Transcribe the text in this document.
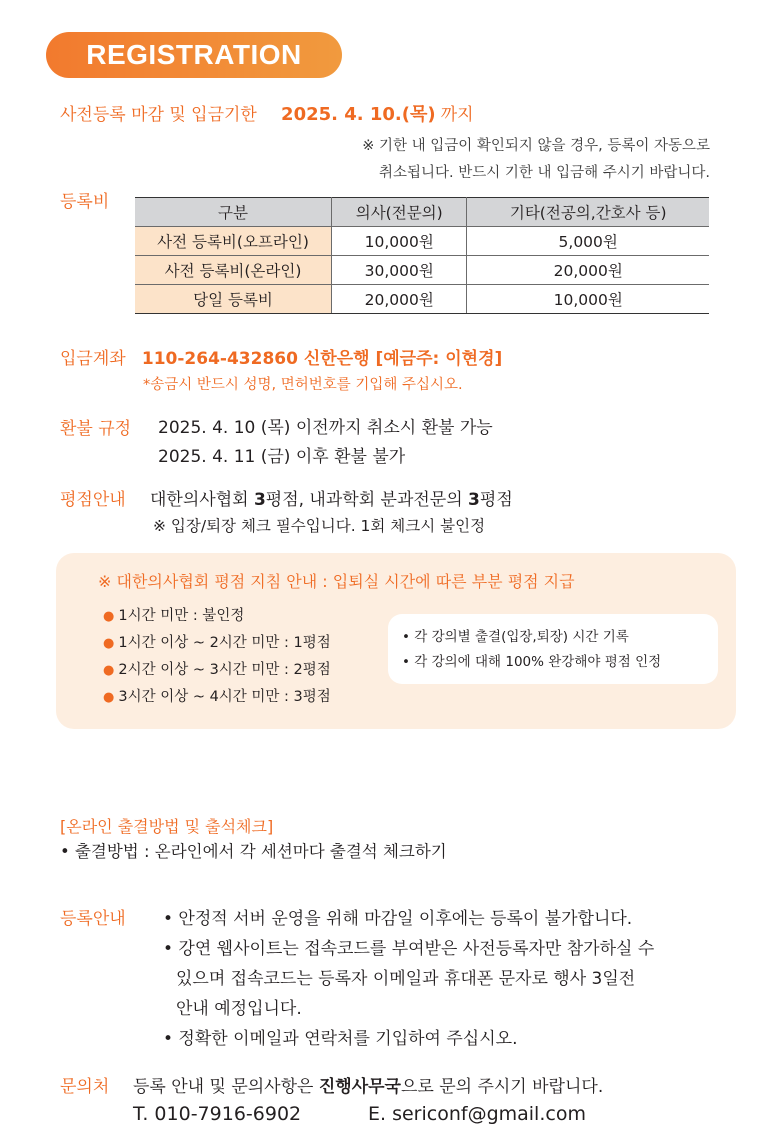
REGISTRATION
사전등록 마감 및 입금기한 2025. 4. 10.(목) 까지
※ 기한 내 입금이 확인되지 않을 경우, 등록이 자동으로
취소됩니다. 반드시 기한 내 입금해 주시기 바랍니다.
등록비
구분	의사(전문의)	기타(전공의,간호사 등)
사전 등록비(오프라인)	10,000원	5,000원
사전 등록비(온라인)	30,000원	20,000원
당일 등록비	20,000원	10,000원
입금계좌 110-264-432860 신한은행 [예금주: 이현경]
*송금시 반드시 성명, 면허번호를 기입해 주십시오.
환불 규정 2025. 4. 10 (목) 이전까지 취소시 환불 가능
2025. 4. 11 (금) 이후 환불 불가
평점안내 대한의사협회 3평점, 내과학회 분과전문의 3평점
※ 입장/퇴장 체크 필수입니다. 1회 체크시 불인정
※ 대한의사협회 평점 지침 안내 : 입퇴실 시간에 따른 부분 평점 지급
● 1시간 미만 : 불인정
● 1시간 이상 ~ 2시간 미만 : 1평점
● 2시간 이상 ~ 3시간 미만 : 2평점
● 3시간 이상 ~ 4시간 미만 : 3평점
• 각 강의별 출결(입장,퇴장) 시간 기록
• 각 강의에 대해 100% 완강해야 평점 인정
[온라인 출결방법 및 출석체크]
• 출결방법 : 온라인에서 각 세션마다 출결석 체크하기
등록안내 • 안정적 서버 운영을 위해 마감일 이후에는 등록이 불가합니다.
• 강연 웹사이트는 접속코드를 부여받은 사전등록자만 참가하실 수
있으며 접속코드는 등록자 이메일과 휴대폰 문자로 행사 3일전
안내 예정입니다.
• 정확한 이메일과 연락처를 기입하여 주십시오.
문의처 등록 안내 및 문의사항은 진행사무국으로 문의 주시기 바랍니다.
T. 010-7916-6902	E. sericonf@gmail.com
